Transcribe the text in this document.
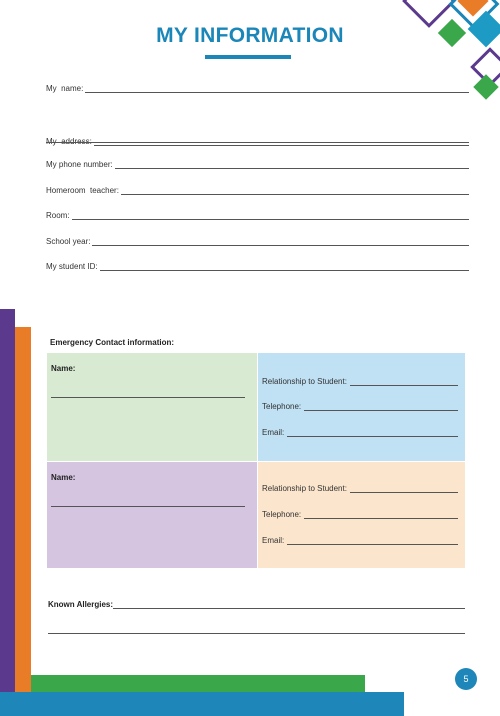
MY INFORMATION
My  name:
My  address:
My phone number:
Homeroom  teacher:
Room:
School year:
My student ID:
Emergency Contact information:
Name:
Relationship to Student:
Telephone:
Email:
Name:
Relationship to Student:
Telephone:
Email:
Known Allergies:
5
